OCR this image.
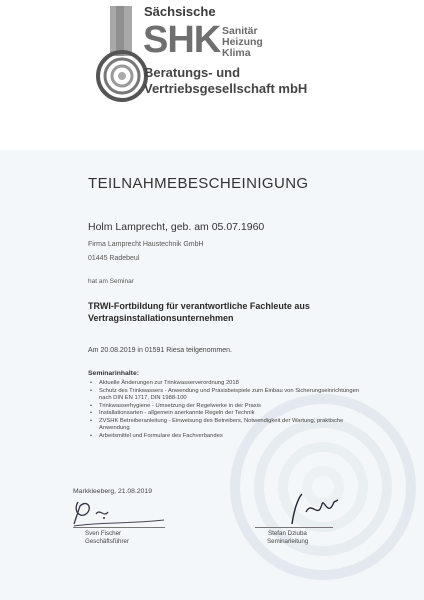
Sächsische
SHK Sanitär
Heizung
Klima
Beratungs- und
Vertriebsgesellschaft mbH
TEILNAHMEBESCHEINIGUNG
Holm Lamprecht, geb. am 05.07.1960
Firma Lamprecht Haustechnik GmbH
01445 Radebeul
hat am Seminar
TRWI-Fortbildung für verantwortliche Fachleute aus Vertragsinstallationsunternehmen
Am 20.08.2019 in 01591 Riesa teilgenommen.
Seminarinhalte:
• Aktuelle Änderungen zur Trinkwasserverordnung 2018
• Schutz des Trinkwassers - Anwendung und Praxisbeispiele zum Einbau von Sicherungseinrichtungen nach DIN EN 1717, DIN 1988-100
• Trinkwasserhygiene - Umsetzung der Regelwerke in der Praxis
• Installationsarten - allgemein anerkannte Regeln der Technik
• ZVSHK Betreiberanleitung - Einweisung des Betreibers, Notwendigkeit der Wartung, praktische Anwendung
• Arbeitsmittel und Formulare des Fachverbandes
Markkleeberg, 21.08.2019
Sven Fischer
Geschäftsführer
Stefan Dziuba
Seminarleitung
